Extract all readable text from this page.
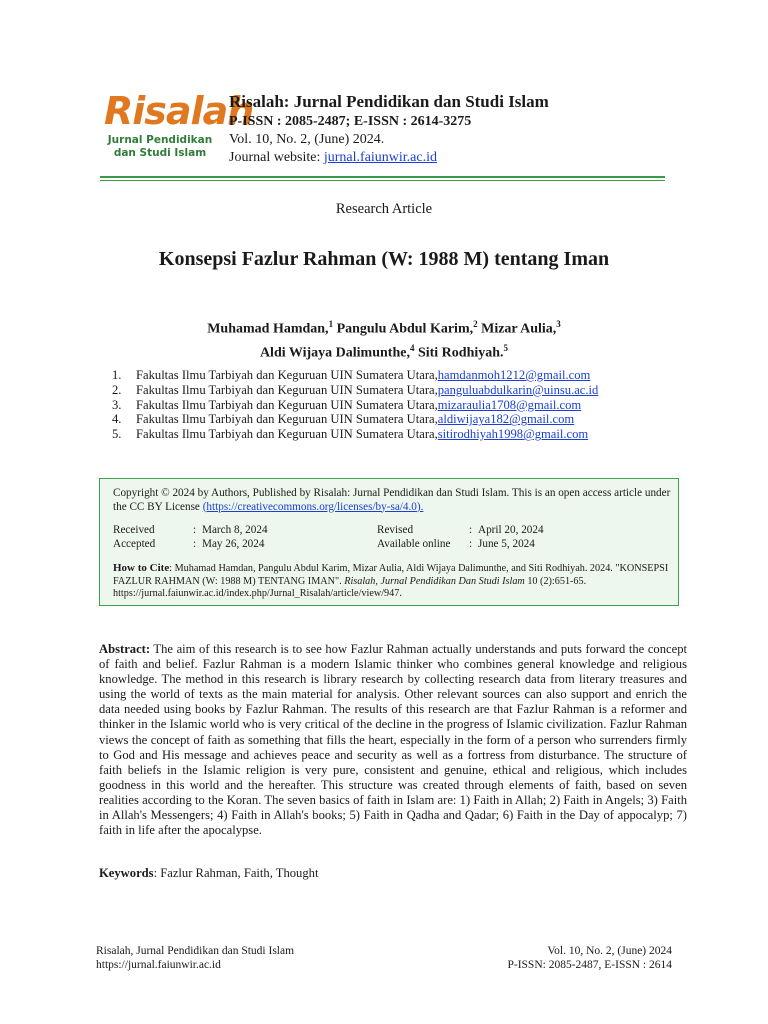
Risalah
Jurnal Pendidikan
dan Studi Islam
Risalah: Jurnal Pendidikan dan Studi Islam
P-ISSN : 2085-2487; E-ISSN : 2614-3275
Vol. 10, No. 2, (June) 2024.
Journal website: jurnal.faiunwir.ac.id
Research Article
Konsepsi Fazlur Rahman (W: 1988 M) tentang Iman
Muhamad Hamdan,$^1$ Pangulu Abdul Karim,$^2$ Mizar Aulia,$^3$
Aldi Wijaya Dalimunthe,$^4$ Siti Rodhiyah.$^5$
1.	Fakultas Ilmu Tarbiyah dan Keguruan UIN Sumatera Utara, hamdanmoh1212@gmail.com
2.	Fakultas Ilmu Tarbiyah dan Keguruan UIN Sumatera Utara, panguluabdulkarin@uinsu.ac.id
3.	Fakultas Ilmu Tarbiyah dan Keguruan UIN Sumatera Utara, mizaraulia1708@gmail.com
4.	Fakultas Ilmu Tarbiyah dan Keguruan UIN Sumatera Utara, aldiwijaya182@gmail.com
5.	Fakultas Ilmu Tarbiyah dan Keguruan UIN Sumatera Utara, sitirodhiyah1998@gmail.com
Copyright © 2024 by Authors, Published by Risalah: Jurnal Pendidikan dan Studi Islam. This is an open access article under the CC BY License (https://creativecommons.org/licenses/by-sa/4.0).
Received	: March 8, 2024	Revised	: April 20, 2024
Accepted	: May 26, 2024	Available online	: June 5, 2024
How to Cite: Muhamad Hamdan, Pangulu Abdul Karim, Mizar Aulia, Aldi Wijaya Dalimunthe, and Siti Rodhiyah. 2024. "KONSEPSI FAZLUR RAHMAN (W: 1988 M) TENTANG IMAN". Risalah, Jurnal Pendidikan Dan Studi Islam 10 (2):651-65. https://jurnal.faiunwir.ac.id/index.php/Jurnal_Risalah/article/view/947.
Abstract: The aim of this research is to see how Fazlur Rahman actually understands and puts forward the concept of faith and belief. Fazlur Rahman is a modern Islamic thinker who combines general knowledge and religious knowledge. The method in this research is library research by collecting research data from literary treasures and using the world of texts as the main material for analysis. Other relevant sources can also support and enrich the data needed using books by Fazlur Rahman. The results of this research are that Fazlur Rahman is a reformer and thinker in the Islamic world who is very critical of the decline in the progress of Islamic civilization. Fazlur Rahman views the concept of faith as something that fills the heart, especially in the form of a person who surrenders firmly to God and His message and achieves peace and security as well as a fortress from disturbance. The structure of faith beliefs in the Islamic religion is very pure, consistent and genuine, ethical and religious, which includes goodness in this world and the hereafter. This structure was created through elements of faith, based on seven realities according to the Koran. The seven basics of faith in Islam are: 1) Faith in Allah; 2) Faith in Angels; 3) Faith in Allah's Messengers; 4) Faith in Allah's books; 5) Faith in Qadha and Qadar; 6) Faith in the Day of appocalyp; 7) faith in life after the apocalypse.
Keywords: Fazlur Rahman, Faith, Thought
Risalah, Jurnal Pendidikan dan Studi Islam
https://jurnal.faiunwir.ac.id
Vol. 10, No. 2, (June) 2024
P-ISSN: 2085-2487, E-ISSN : 2614
